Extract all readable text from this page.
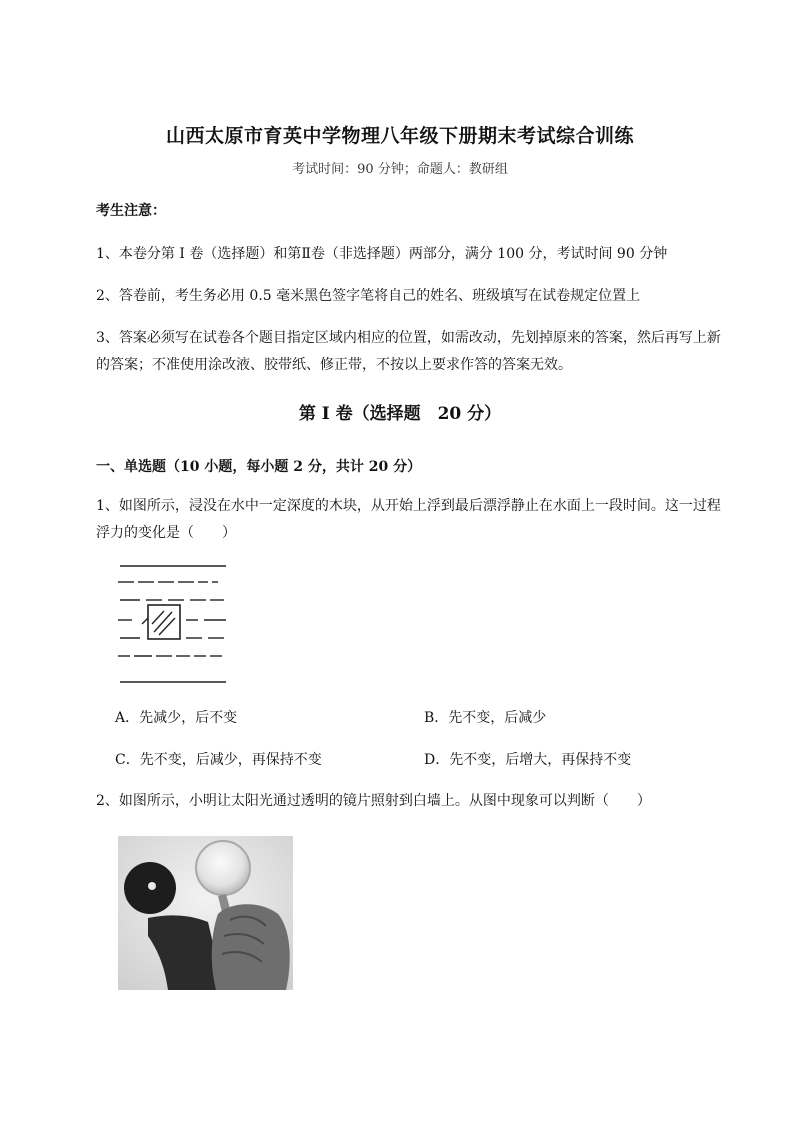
山西太原市育英中学物理八年级下册期末考试综合训练
考试时间：90 分钟；命题人：教研组
考生注意：
1、本卷分第 I 卷（选择题）和第Ⅱ卷（非选择题）两部分，满分 100 分，考试时间 90 分钟
2、答卷前，考生务必用 0.5 毫米黑色签字笔将自己的姓名、班级填写在试卷规定位置上
3、答案必须写在试卷各个题目指定区域内相应的位置，如需改动，先划掉原来的答案，然后再写上新
的答案；不准使用涂改液、胶带纸、修正带，不按以上要求作答的答案无效。
第 I 卷（选择题　20 分）
一、单选题（10 小题，每小题 2 分，共计 20 分）
1、如图所示，浸没在水中一定深度的木块，从开始上浮到最后漂浮静止在水面上一段时间。这一过程
浮力的变化是（　　）
A．先减少，后不变	B．先不变，后减少
C．先不变，后减少，再保持不变	D．先不变，后增大，再保持不变
2、如图所示，小明让太阳光通过透明的镜片照射到白墙上。从图中现象可以判断（　　）
